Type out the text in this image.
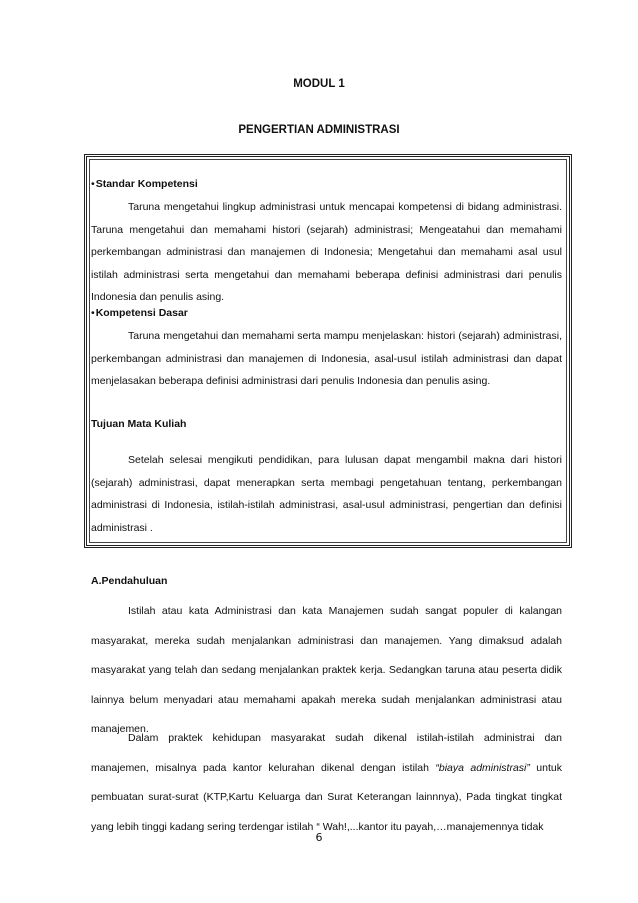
MODUL 1
PENGERTIAN ADMINISTRASI
•Standar Kompetensi

Taruna mengetahui lingkup administrasi untuk mencapai kompetensi di bidang administrasi. Taruna mengetahui dan memahami histori (sejarah) administrasi; Mengeatahui dan memahami perkembangan administrasi dan manajemen di Indonesia; Mengetahui dan memahami asal usul istilah administrasi serta mengetahui dan memahami beberapa definisi administrasi dari penulis Indonesia dan penulis asing.

•Kompetensi Dasar

Taruna mengetahui dan memahami serta mampu menjelaskan: histori (sejarah) administrasi, perkembangan administrasi dan manajemen di Indonesia, asal-usul istilah administrasi dan dapat menjelasakan beberapa definisi administrasi dari penulis Indonesia dan penulis asing.

Tujuan Mata Kuliah

Setelah selesai mengikuti pendidikan, para lulusan dapat mengambil makna dari histori (sejarah) administrasi, dapat menerapkan serta membagi pengetahuan tentang, perkembangan administrasi di Indonesia, istilah-istilah administrasi, asal-usul administrasi, pengertian dan definisi administrasi .

A.Pendahuluan

Istilah atau kata Administrasi dan kata Manajemen sudah sangat populer di kalangan masyarakat, mereka sudah menjalankan administrasi dan manajemen. Yang dimaksud adalah masyarakat yang telah dan sedang menjalankan praktek kerja. Sedangkan taruna atau peserta didik lainnya belum menyadari atau memahami apakah mereka sudah menjalankan administrasi atau manajemen.

Dalam praktek kehidupan masyarakat sudah dikenal istilah-istilah administrai dan manajemen, misalnya pada kantor kelurahan dikenal dengan istilah “biaya administrasi” untuk pembuatan surat-surat (KTP,Kartu Keluarga dan Surat Keterangan lainnnya), Pada tingkat tingkat yang lebih tinggi kadang sering terdengar istilah “ Wah!,...kantor itu payah,…manajemennya tidak

6
